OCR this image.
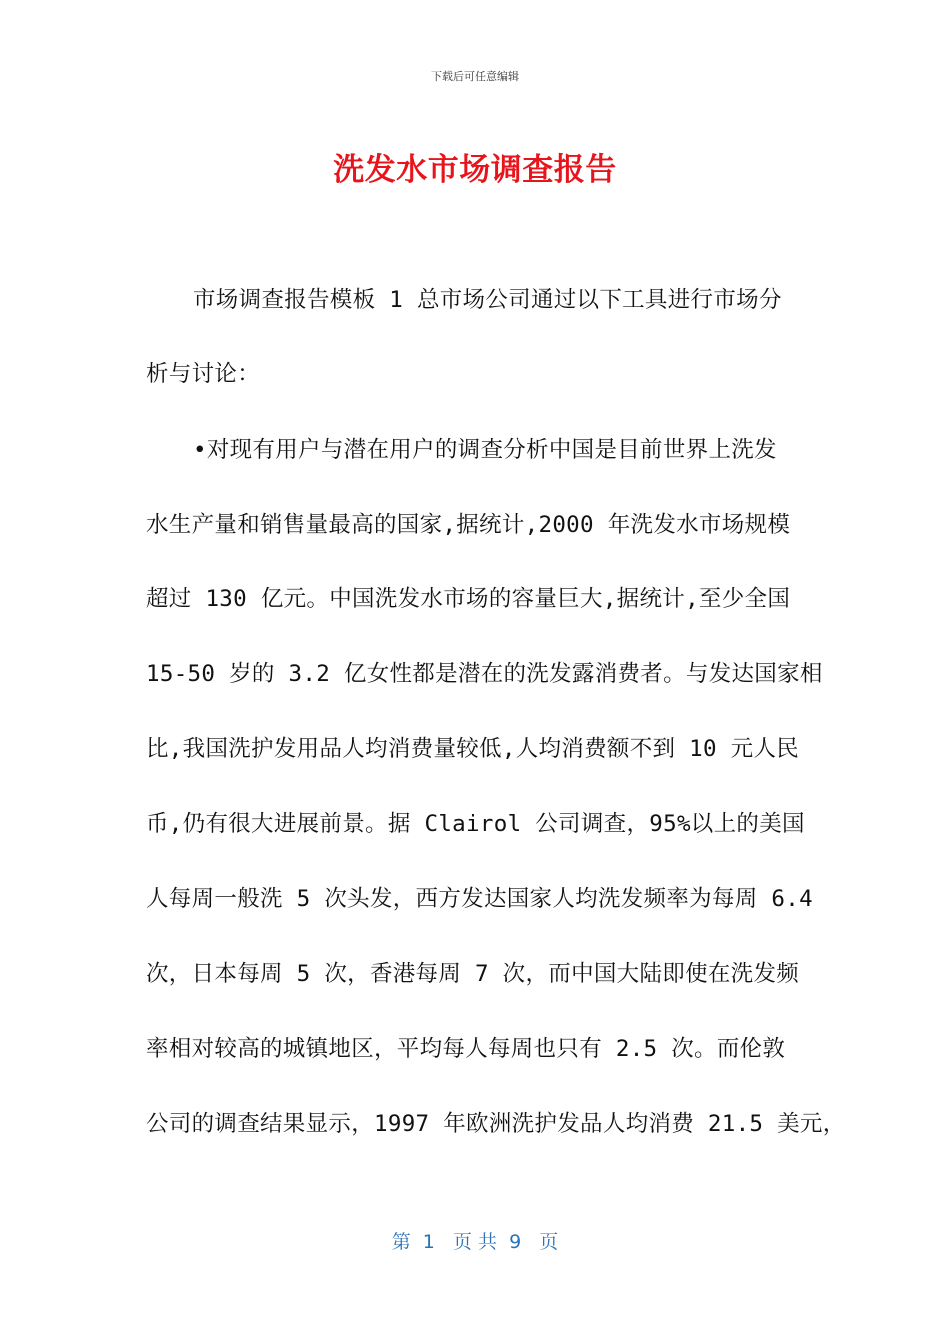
下载后可任意编辑
洗发水市场调查报告
市场调查报告模板 1 总市场公司通过以下工具进行市场分
析与讨论：
•对现有用户与潜在用户的调查分析中国是目前世界上洗发
水生产量和销售量最高的国家,据统计,2000 年洗发水市场规模
超过 130 亿元。中国洗发水市场的容量巨大,据统计,至少全国
15-50 岁的 3.2 亿女性都是潜在的洗发露消费者。与发达国家相
比,我国洗护发用品人均消费量较低,人均消费额不到 10 元人民
币,仍有很大进展前景。据 Clairol 公司调查，95%以上的美国
人每周一般洗 5 次头发，西方发达国家人均洗发频率为每周 6.4
次，日本每周 5 次，香港每周 7 次，而中国大陆即使在洗发频
率相对较高的城镇地区，平均每人每周也只有 2.5 次。而伦敦
公司的调查结果显示，1997 年欧洲洗护发品人均消费 21.5 美元，
第  1   页 共  9   页
